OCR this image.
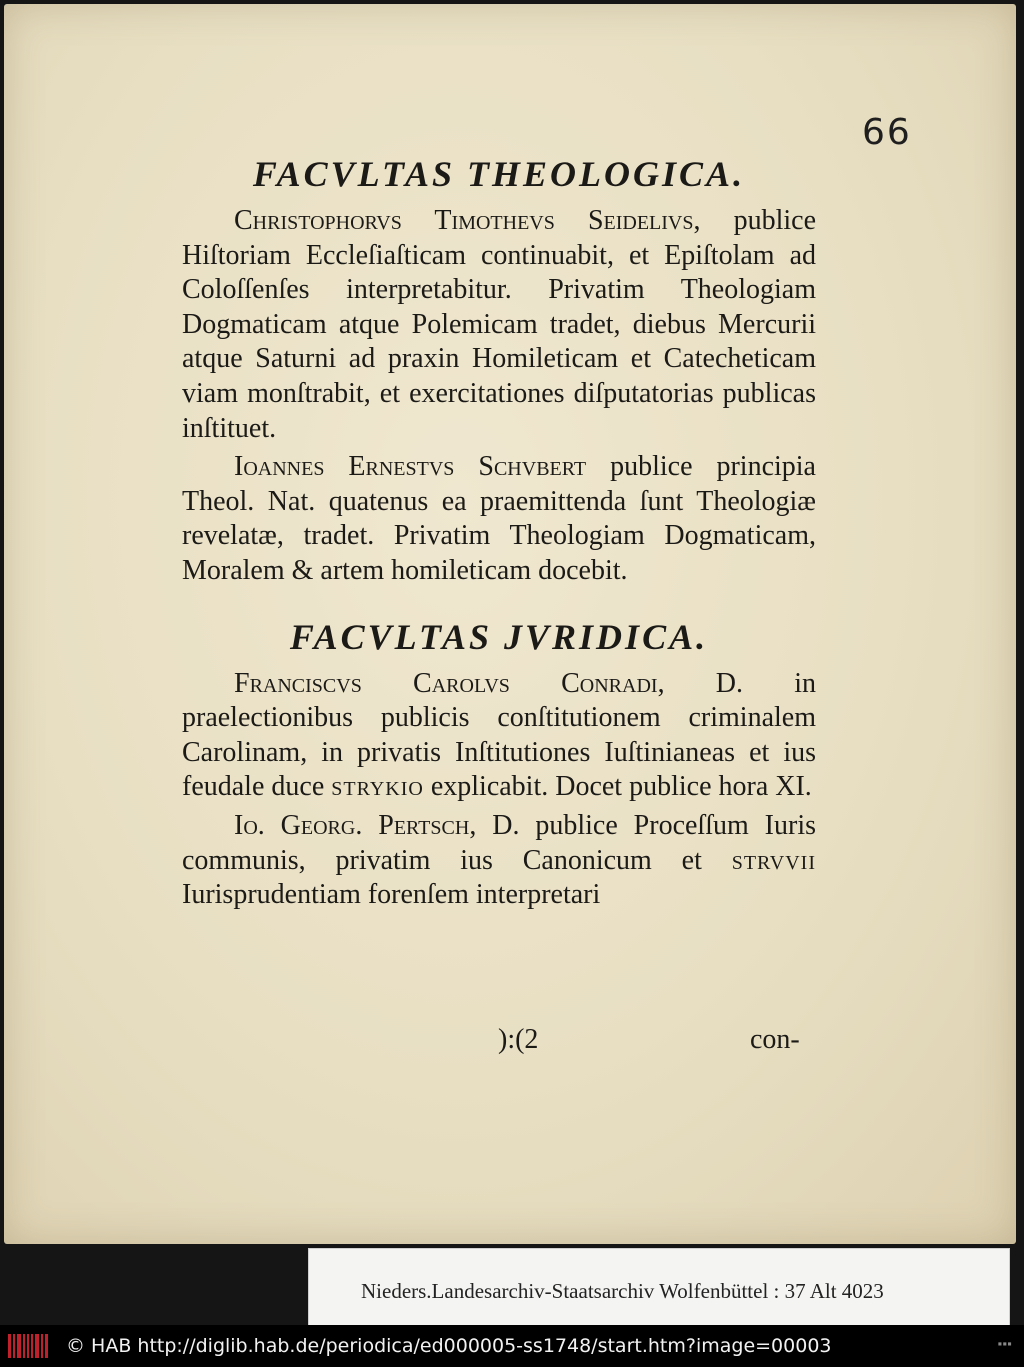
66
FACVLTAS THEOLOGICA.

Christophorvs Timothevs Seidelivs, publice Hiſtoriam Eccleſiaſticam continuabit, et Epiſtolam ad Coloſſenſes interpretabitur. Privatim Theologiam Dogmaticam atque Polemicam tradet, diebus Mercurii atque Saturni ad praxin Homileticam et Catecheticam viam monſtrabit, et exercitationes diſputatorias publicas inſtituet.

Ioannes Ernestvs Schvbert publice principia Theol. Nat. quatenus ea praemittenda ſunt Theologiæ revelatæ, tradet. Privatim Theologiam Dogmaticam, Moralem & artem homileticam docebit.

FACVLTAS JVRIDICA.

Franciscvs Carolvs Conradi, D. in praelectionibus publicis conſtitutionem criminalem Carolinam, in privatis Inſtitutiones Iuſtinianeas et ius feudale duce strykio explicabit. Docet publice hora XI.

Io. Georg. Pertsch, D. publice Proceſſum Iuris communis, privatim ius Canonicum et strvvii Iurisprudentiam forenſem interpretari

):(2	con-
Nieders.Landesarchiv-Staatsarchiv Wolfenbüttel : 37 Alt 4023
© HAB http://diglib.hab.de/periodica/ed000005-ss1748/start.htm?image=00003	▪▪▪
